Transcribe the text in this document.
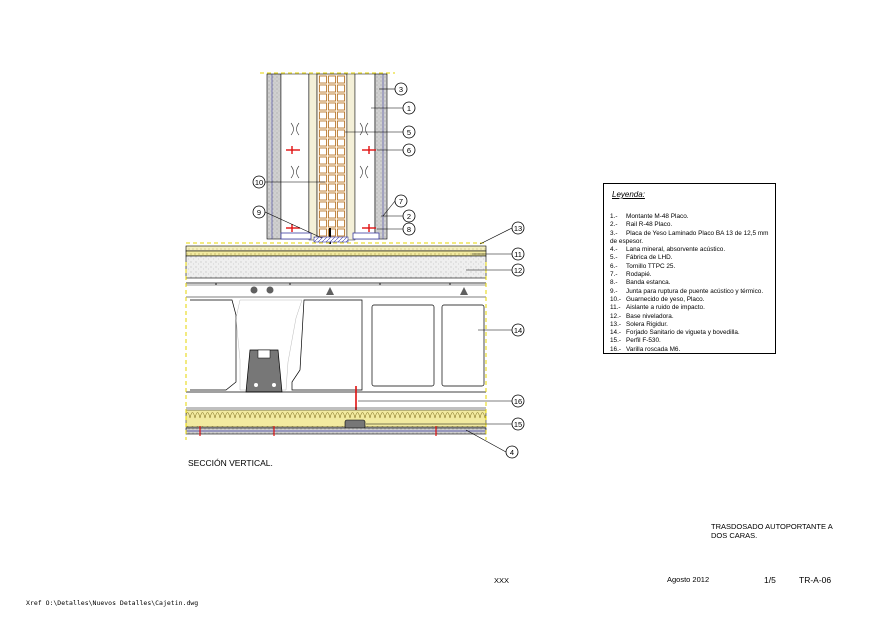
1
2
3
4
5
6
7
8
9
10
11
12
13
14
15
16
Leyenda:
1.- Montante M-48 Placo.
2.- Rail R-48 Placo.
3.- Placa de Yeso Laminado Placo BA 13 de 12,5 mm de espesor.
4.- Lana mineral, absorvente acústico.
5.- Fábrica de LHD.
6.- Tornillo TTPC 25.
7.- Rodapié.
8.- Banda estanca.
9.- Junta para ruptura de puente acústico y térmico.
10.- Guarnecido de yeso, Placo.
11.- Aislante a ruido de impacto.
12.- Base niveladora.
13.- Solera Rigidur.
14.- Forjado Sanitario de vigueta y bovedilla.
15.- Perfil F-530.
16.- Varilla roscada M6.
SECCIÓN VERTICAL.
TRASDOSADO AUTOPORTANTE A
DOS CARAS.
XXX	Agosto 2012	1/5	TR-A-06
Xref O:\Detalles\Nuevos Detalles\Cajetin.dwg
